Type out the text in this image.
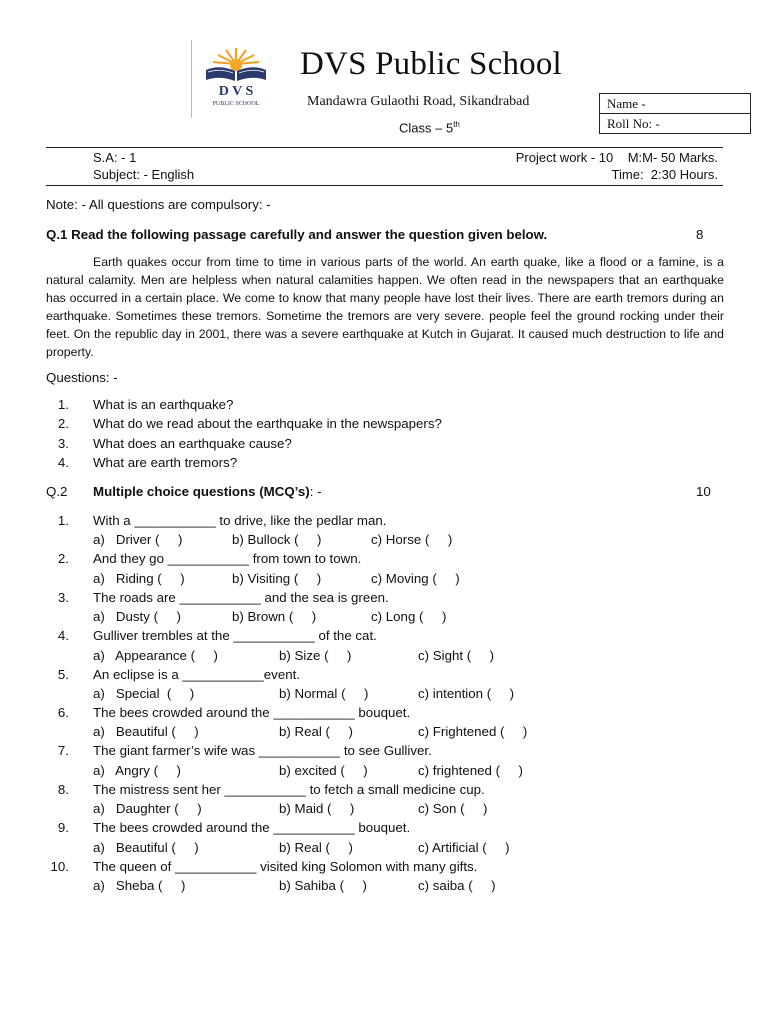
D V S
PUBLIC SCHOOL
DVS Public School
Mandawra Gulaothi Road, Sikandrabad
Class – 5th
Name -
Roll No: -
S.A: - 1	Project work - 10    M:M- 50 Marks.
Subject: - English	Time:  2:30 Hours.
Note: - All questions are compulsory: -
Q.1 Read the following passage carefully and answer the question given below.	8
Earth quakes occur from time to time in various parts of the world. An earth quake, like a flood or a famine, is a natural calamity. Men are helpless when natural calamities happen. We often read in the newspapers that an earthquake has occurred in a certain place. We come to know that many people have lost their lives. There are earth tremors during an earthquake. Sometimes these tremors. Sometime the tremors are very severe. people feel the ground rocking under their feet. On the republic day in 2001, there was a severe earthquake at Kutch in Gujarat. It caused much destruction to life and property.
Questions: -
1. What is an earthquake?
2. What do we read about the earthquake in the newspapers?
3. What does an earthquake cause?
4. What are earth tremors?
Q.2 Multiple choice questions (MCQ’s): -	10
1. With a ___________ to drive, like the pedlar man.
a)   Driver (     )	b) Bullock (     )	c) Horse (     )
2. And they go ___________ from town to town.
a)   Riding (     )	b) Visiting (     )	c) Moving (     )
3. The roads are ___________ and the sea is green.
a)   Dusty (     )	b) Brown (     )	c) Long (     )
4. Gulliver trembles at the ___________ of the cat.
a)   Appearance (     )	b) Size (     )	c) Sight (     )
5. An eclipse is a ___________event.
a)   Special  (     )	b) Normal (     )	c) intention (     )
6. The bees crowded around the ___________ bouquet.
a)   Beautiful (     )	b) Real (     )	c) Frightened (     )
7. The giant farmer’s wife was ___________ to see Gulliver.
a)   Angry (     )	b) excited (     )	c) frightened (     )
8. The mistress sent her ___________ to fetch a small medicine cup.
a)   Daughter (     )	b) Maid (     )	c) Son (     )
9. The bees crowded around the ___________ bouquet.
a)   Beautiful (     )	b) Real (     )	c) Artificial (     )
10. The queen of ___________ visited king Solomon with many gifts.
a)   Sheba (     )	b) Sahiba (     )	c) saiba (     )
